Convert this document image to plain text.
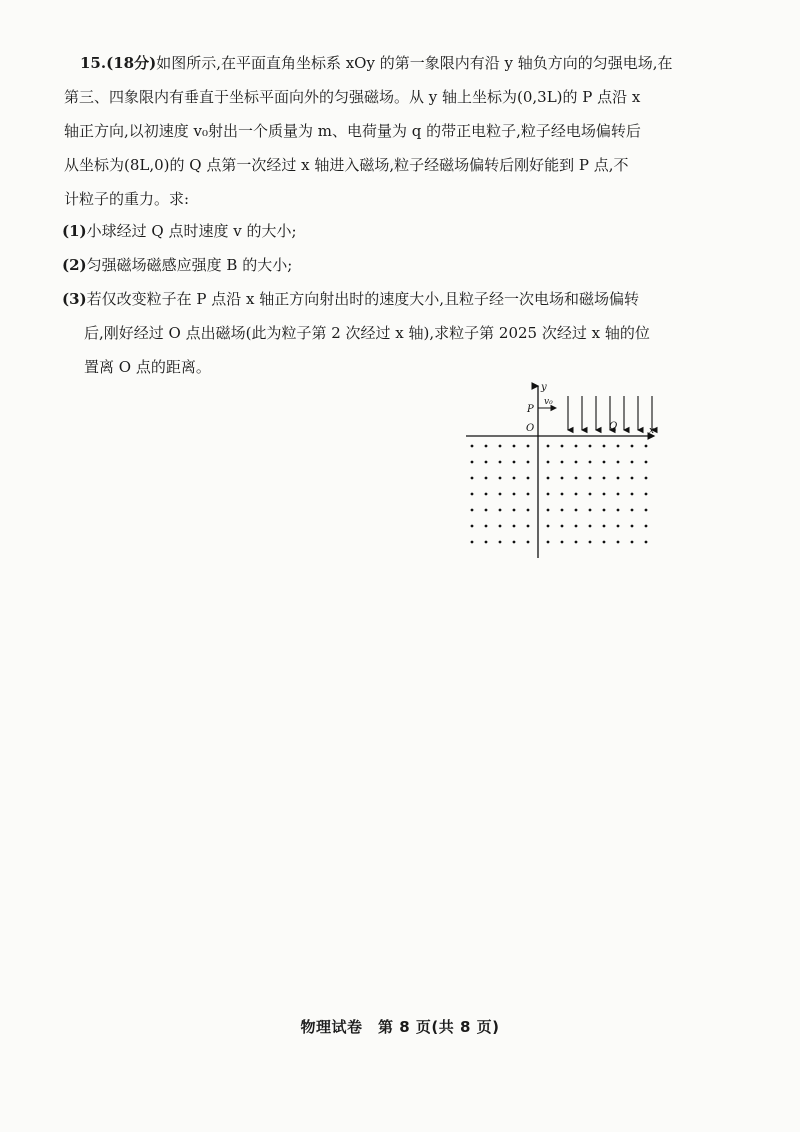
15.(18分)如图所示,在平面直角坐标系 xOy 的第一象限内有沿 y 轴负方向的匀强电场,在
第三、四象限内有垂直于坐标平面向外的匀强磁场。从 y 轴上坐标为(0,3L)的 P 点沿 x
轴正方向,以初速度 v₀射出一个质量为 m、电荷量为 q 的带正电粒子,粒子经电场偏转后
从坐标为(8L,0)的 Q 点第一次经过 x 轴进入磁场,粒子经磁场偏转后刚好能到 P 点,不
计粒子的重力。求:
(1)小球经过 Q 点时速度 v 的大小;
(2)匀强磁场磁感应强度 B 的大小;
(3)若仅改变粒子在 P 点沿 x 轴正方向射出时的速度大小,且粒子经一次电场和磁场偏转
后,刚好经过 O 点出磁场(此为粒子第 2 次经过 x 轴),求粒子第 2025 次经过 x 轴的位
置离 O 点的距离。
y
P
v₀
O	Q	x
物理试卷　第 8 页(共 8 页)
